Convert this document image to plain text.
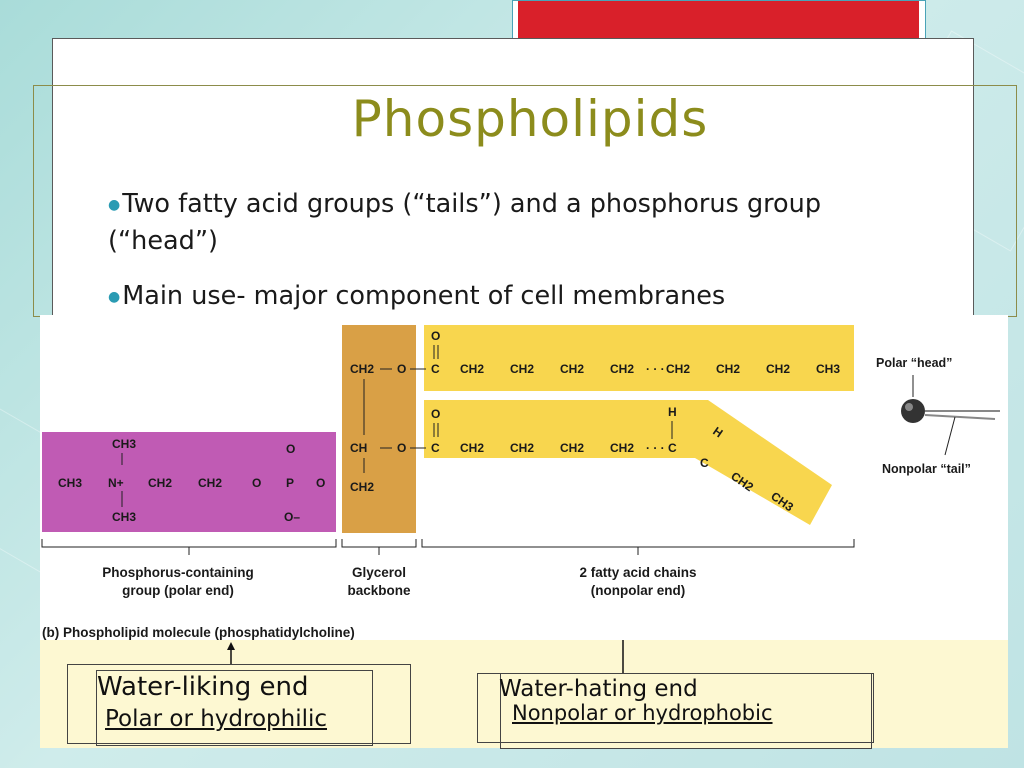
Phospholipids
●Two fatty acid groups (“tails”) and a phosphorus group (“head”)
●Main use- major component of cell membranes
CH2
CH
CH2
O
O
C CH2 CH2 CH2 CH2 · · · CH2 CH2 CH2 CH3
O
O
C CH2 CH2 CH2 CH2 · · ·
H
C
H
C
CH2
CH3
CH3
CH3 N+
CH3
CH2 CH2 O
O
P
O–
O
Phosphorus-containing
group (polar end)
Glycerol
backbone
2 fatty acid chains
(nonpolar end)
(b) Phospholipid molecule (phosphatidylcholine)
Polar “head”
Nonpolar “tail”
Water-liking end
Polar or hydrophilic
Water-hating end
Nonpolar or hydrophobic
